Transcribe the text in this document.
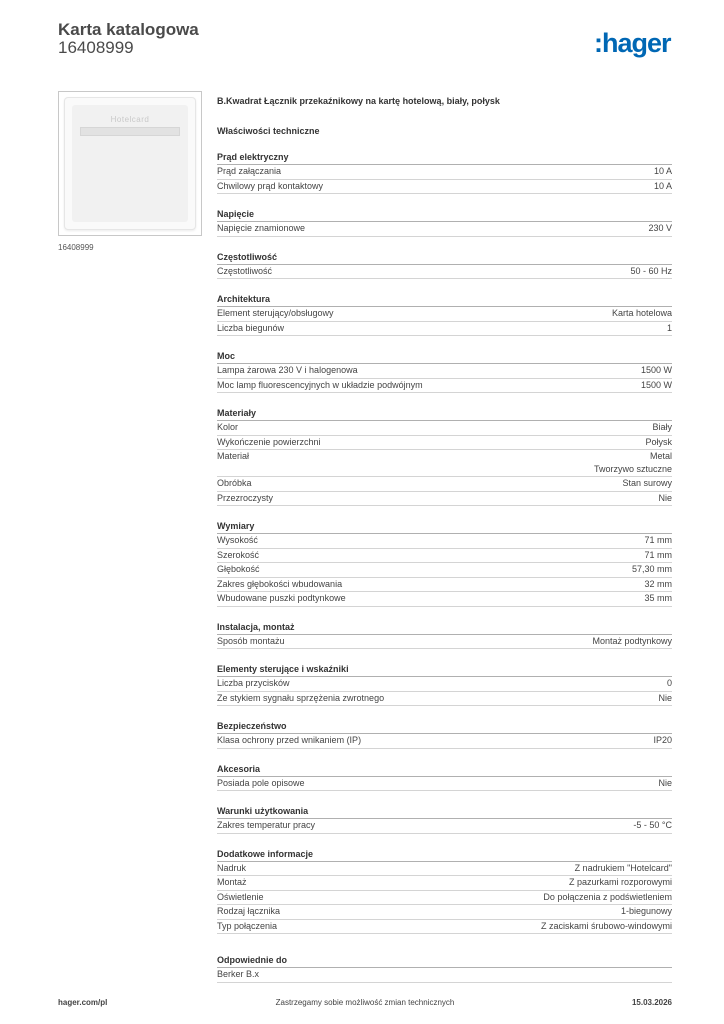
Karta katalogowa
16408999	:hager
Hotelcard
16408999
B.Kwadrat Łącznik przekaźnikowy na kartę hotelową, biały, połysk
Właściwości techniczne
Prąd elektryczny
Prąd załączania	10 A
Chwilowy prąd kontaktowy	10 A
Napięcie
Napięcie znamionowe	230 V
Częstotliwość
Częstotliwość	50 - 60 Hz
Architektura
Element sterujący/obsługowy	Karta hotelowa
Liczba biegunów	1
Moc
Lampa żarowa 230 V i halogenowa	1500 W
Moc lamp fluorescencyjnych w układzie podwójnym	1500 W
Materiały
Kolor	Biały
Wykończenie powierzchni	Połysk
Materiał	Metal
Tworzywo sztuczne
Obróbka	Stan surowy
Przezroczysty	Nie
Wymiary
Wysokość	71 mm
Szerokość	71 mm
Głębokość	57,30 mm
Zakres głębokości wbudowania	32 mm
Wbudowane puszki podtynkowe	35 mm
Instalacja, montaż
Sposób montażu	Montaż podtynkowy
Elementy sterujące i wskaźniki
Liczba przycisków	0
Ze stykiem sygnału sprzężenia zwrotnego	Nie
Bezpieczeństwo
Klasa ochrony przed wnikaniem (IP)	IP20
Akcesoria
Posiada pole opisowe	Nie
Warunki użytkowania
Zakres temperatur pracy	-5 - 50 °C
Dodatkowe informacje
Nadruk	Z nadrukiem "Hotelcard"
Montaż	Z pazurkami rozporowymi
Oświetlenie	Do połączenia z podświetleniem
Rodzaj łącznika	1-biegunowy
Typ połączenia	Z zaciskami śrubowo-windowymi
Odpowiednie do
Berker B.x
hager.com/pl	Zastrzegamy sobie możliwość zmian technicznych	15.03.2026
